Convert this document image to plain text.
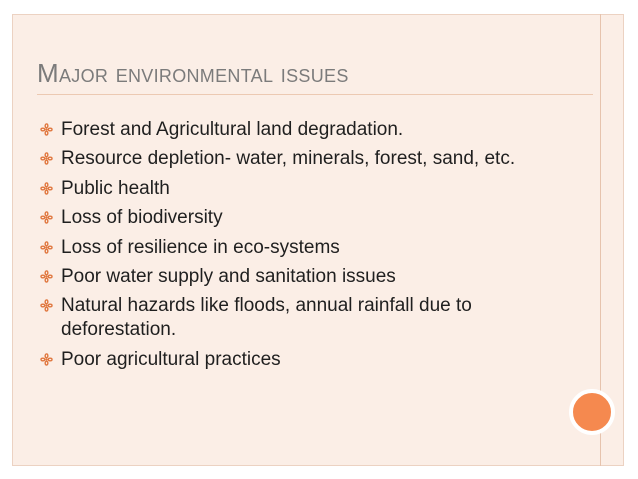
Major environmental issues
Forest and Agricultural land degradation.
Resource depletion- water, minerals, forest, sand, etc.
Public health
Loss of biodiversity
Loss of resilience in eco-systems
Poor water supply and sanitation issues
Natural hazards like floods, annual rainfall due to deforestation.
Poor agricultural practices
